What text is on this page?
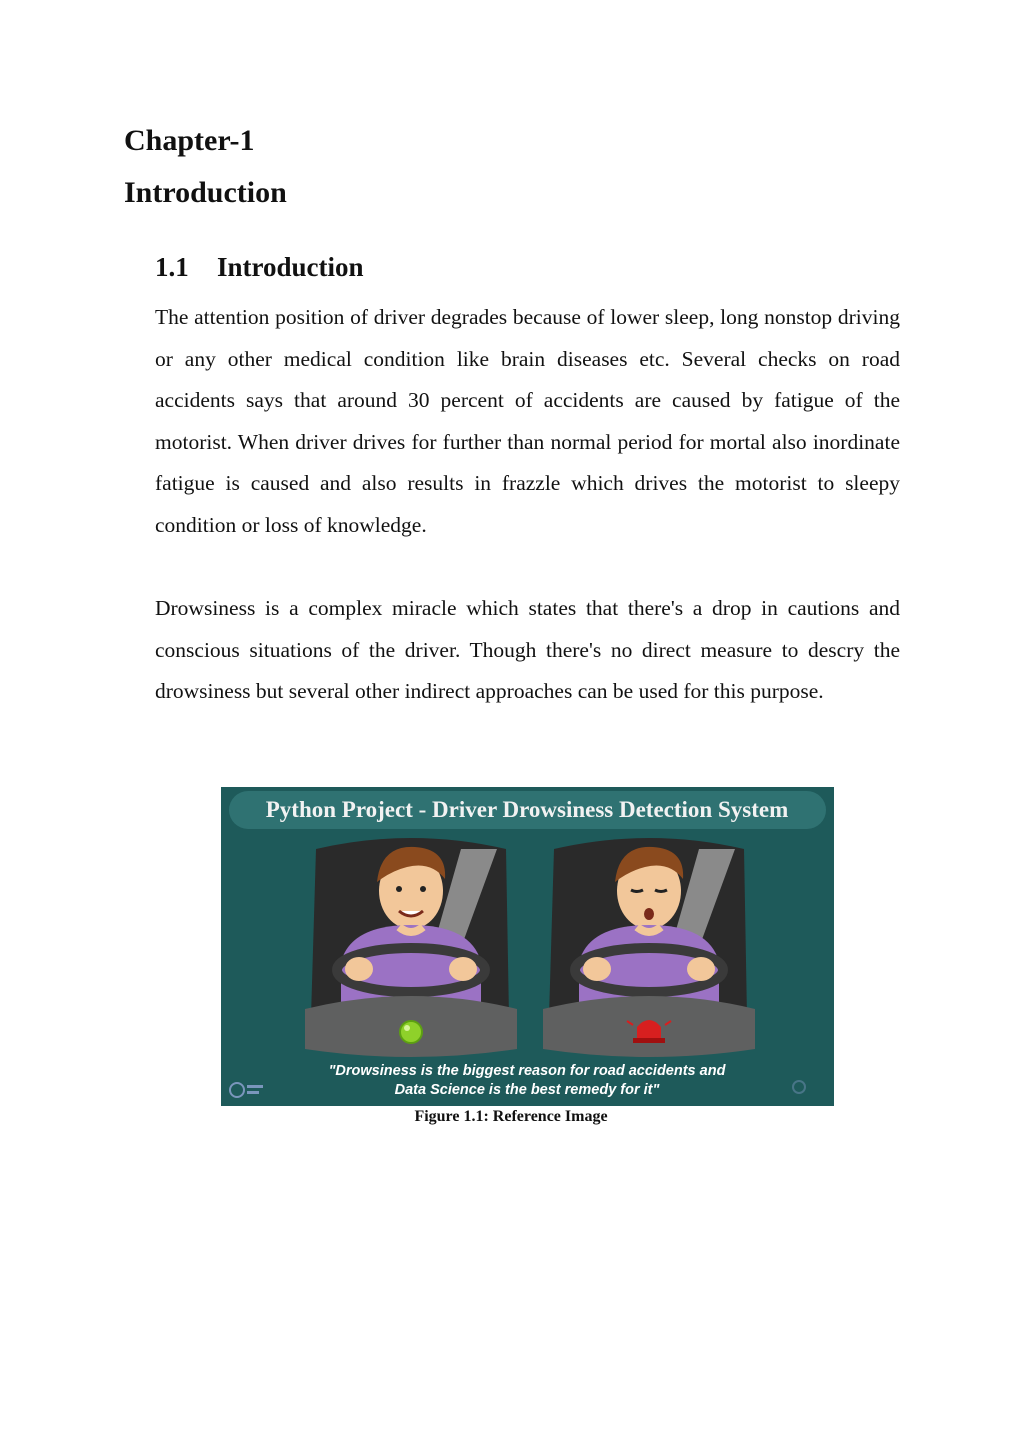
Chapter-1
Introduction
1.1 Introduction

The attention position of driver degrades because of lower sleep, long nonstop driving or any other medical condition like brain diseases etc. Several checks on road accidents says that around 30 percent of accidents are caused by fatigue of the motorist. When driver drives for further than normal period for mortal also inordinate fatigue is caused and also results in frazzle which drives the motorist to sleepy condition or loss of knowledge.

Drowsiness is a complex miracle which states that there's a drop in cautions and conscious situations of the driver. Though there's no direct measure to descry the drowsiness but several other indirect approaches can be used for this purpose.

Python Project - Driver Drowsiness Detection System
"Drowsiness is the biggest reason for road accidents and
Data Science is the best remedy for it"

Figure 1.1: Reference Image
